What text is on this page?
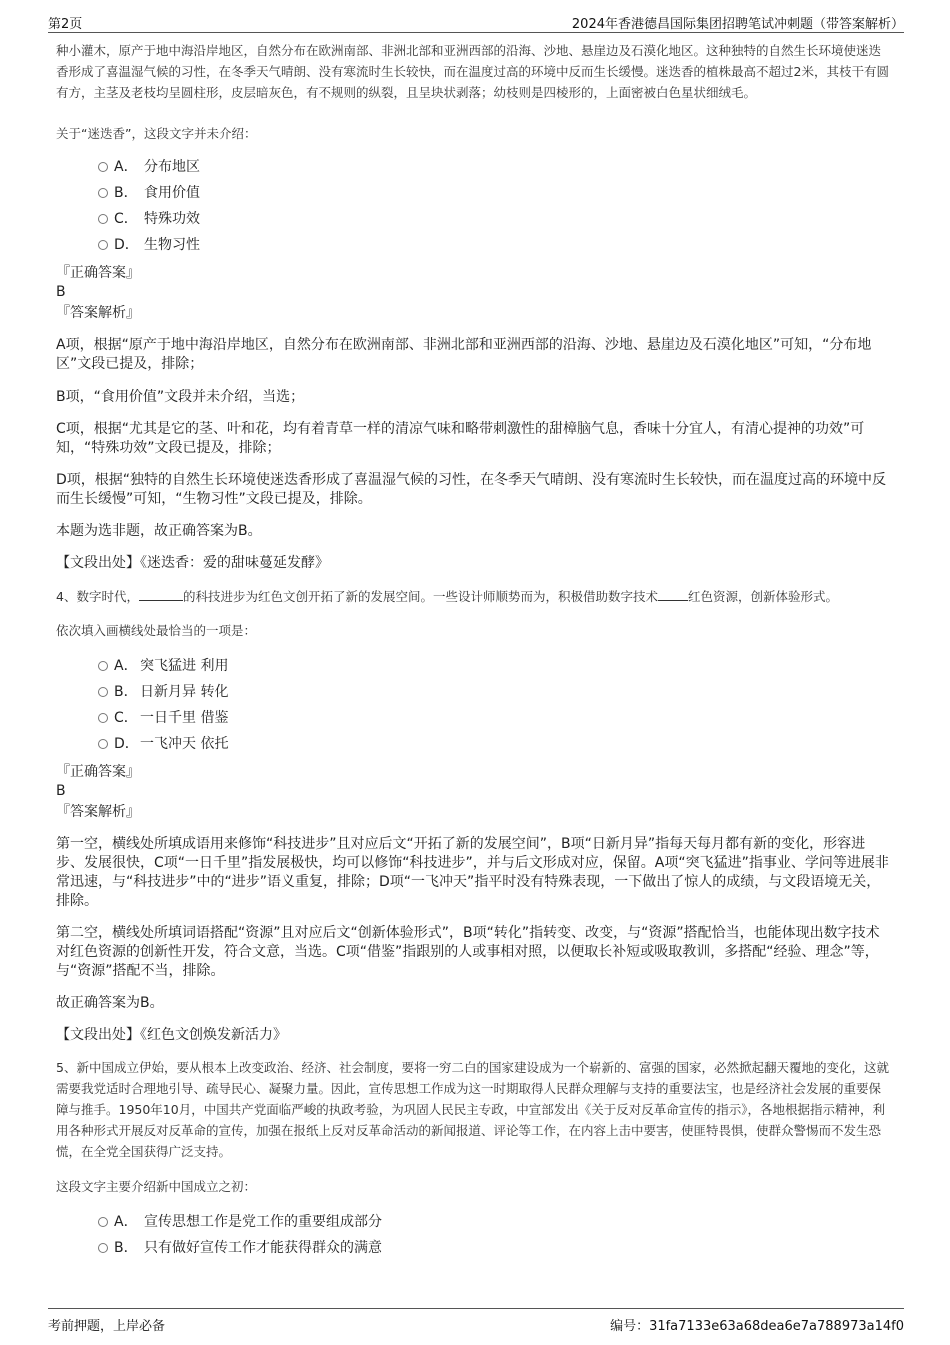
第2页	2024年香港德昌国际集团招聘笔试冲刺题（带答案解析）

种小灌木，原产于地中海沿岸地区，自然分布在欧洲南部、非洲北部和亚洲西部的沿海、沙地、悬崖边及石漠化地区。这种独特的自然生长环境使迷迭香形成了喜温湿气候的习性，在冬季天气晴朗、没有寒流时生长较快，而在温度过高的环境中反而生长缓慢。迷迭香的植株最高不超过2米，其枝干有圆有方，主茎及老枝均呈圆柱形，皮层暗灰色，有不规则的纵裂，且呈块状剥落；幼枝则是四棱形的，上面密被白色星状细绒毛。

关于“迷迭香”，这段文字并未介绍：

A． 分布地区
B． 食用价值
C． 特殊功效
D． 生物习性

『正确答案』

B

『答案解析』

A项，根据“原产于地中海沿岸地区，自然分布在欧洲南部、非洲北部和亚洲西部的沿海、沙地、悬崖边及石漠化地区”可知，“分布地区”文段已提及，排除；

B项，“食用价值”文段并未介绍，当选；

C项，根据“尤其是它的茎、叶和花，均有着青草一样的清凉气味和略带刺激性的甜樟脑气息，香味十分宜人，有清心提神的功效”可知，“特殊功效”文段已提及，排除；

D项，根据“独特的自然生长环境使迷迭香形成了喜温湿气候的习性，在冬季天气晴朗、没有寒流时生长较快，而在温度过高的环境中反而生长缓慢”可知，“生物习性”文段已提及，排除。

本题为选非题，故正确答案为B。

【文段出处】《迷迭香：爱的甜味蔓延发酵》

4、数字时代，	的科技进步为红色文创开拓了新的发展空间。一些设计师顺势而为，积极借助数字技术 红色资源，创新体验形式。

依次填入画横线处最恰当的一项是：

A． 突飞猛进 利用
B． 日新月异 转化
C． 一日千里 借鉴
D． 一飞冲天 依托

『正确答案』

B

『答案解析』

第一空，横线处所填成语用来修饰“科技进步”且对应后文“开拓了新的发展空间”，B项“日新月异”指每天每月都有新的变化，形容进步、发展很快，C项“一日千里”指发展极快，均可以修饰“科技进步”，并与后文形成对应，保留。A项“突飞猛进”指事业、学问等进展非常迅速，与“科技进步”中的“进步”语义重复，排除；D项“一飞冲天”指平时没有特殊表现，一下做出了惊人的成绩，与文段语境无关，排除。

第二空，横线处所填词语搭配“资源”且对应后文“创新体验形式”，B项“转化”指转变、改变，与“资源”搭配恰当，也能体现出数字技术对红色资源的创新性开发，符合文意，当选。C项“借鉴”指跟别的人或事相对照，以便取长补短或吸取教训，多搭配“经验、理念”等，与“资源”搭配不当，排除。

故正确答案为B。

【文段出处】《红色文创焕发新活力》

5、新中国成立伊始，要从根本上改变政治、经济、社会制度，要将一穷二白的国家建设成为一个崭新的、富强的国家，必然掀起翻天覆地的变化，这就需要我党适时合理地引导、疏导民心、凝聚力量。因此，宣传思想工作成为这一时期取得人民群众理解与支持的重要法宝，也是经济社会发展的重要保障与推手。1950年10月，中国共产党面临严峻的执政考验，为巩固人民民主专政，中宣部发出《关于反对反革命宣传的指示》，各地根据指示精神，利用各种形式开展反对反革命的宣传，加强在报纸上反对反革命活动的新闻报道、评论等工作，在内容上击中要害，使匪特畏惧，使群众警惕而不发生恐慌，在全党全国获得广泛支持。

这段文字主要介绍新中国成立之初：

A． 宣传思想工作是党工作的重要组成部分
B． 只有做好宣传工作才能获得群众的满意
考前押题，上岸必备	编号：31fa7133e63a68dea6e7a788973a14f0
